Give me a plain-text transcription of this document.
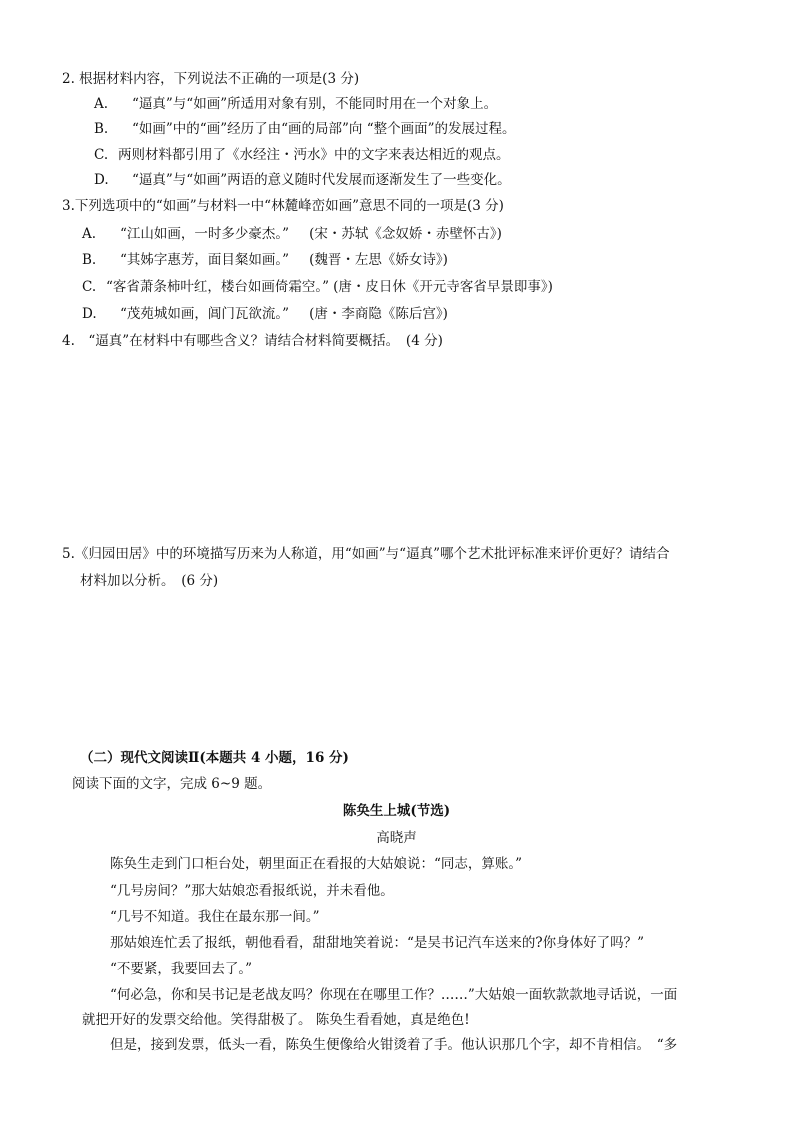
2. 根据材料内容，下列说法不正确的一项是(3 分)
A. “逼真”与“如画”所适用对象有别，不能同时用在一个对象上。
B. “如画”中的“画”经历了由“画的局部”向 “整个画面”的发展过程。
C. 两则材料都引用了《水经注・沔水》中的文字来表达相近的观点。
D. “逼真”与“如画”两语的意义随时代发展而逐渐发生了一些变化。
3.下列选项中的“如画”与材料一中“林麓峰峦如画”意思不同的一项是(3 分)
A. “江山如画，一时多少豪杰。” (宋・苏轼《念奴娇・赤壁怀古》)
B. “其姊字惠芳，面目粲如画。” (魏晋・左思《娇女诗》)
C. “客省萧条柿叶红，楼台如画倚霜空。” (唐・皮日休《开元寺客省早景即事》)
D. “茂苑城如画，阊门瓦欲流。” (唐・李商隐《陈后宫》)
4.　“逼真”在材料中有哪些含义？请结合材料简要概括。　(4 分)
5.《归园田居》中的环境描写历来为人称道，用“如画”与“逼真”哪个艺术批评标准来评价更好？请结合
材料加以分析。　(6 分)
（二）现代文阅读Ⅱ(本题共 4 小题，16 分)
阅读下面的文字，完成 6~9 题。
陈奂生上城(节选)
高晓声
陈奂生走到门口柜台处，朝里面正在看报的大姑娘说：“同志，算账。”
“几号房间？”那大姑娘恋看报纸说，并未看他。
“几号不知道。我住在最东那一间。”
那姑娘连忙丢了报纸，朝他看看，甜甜地笑着说：“是吴书记汽车送来的?你身体好了吗？”
“不要紧，我要回去了。”
“何必急，你和吴书记是老战友吗？你现在在哪里工作？……”大姑娘一面软款款地寻话说，一面
就把开好的发票交给他。笑得甜极了。 陈奂生看看她，真是绝色!
但是，接到发票，低头一看，陈奂生便像给火钳烫着了手。他认识那几个字，却不肯相信。　“多
